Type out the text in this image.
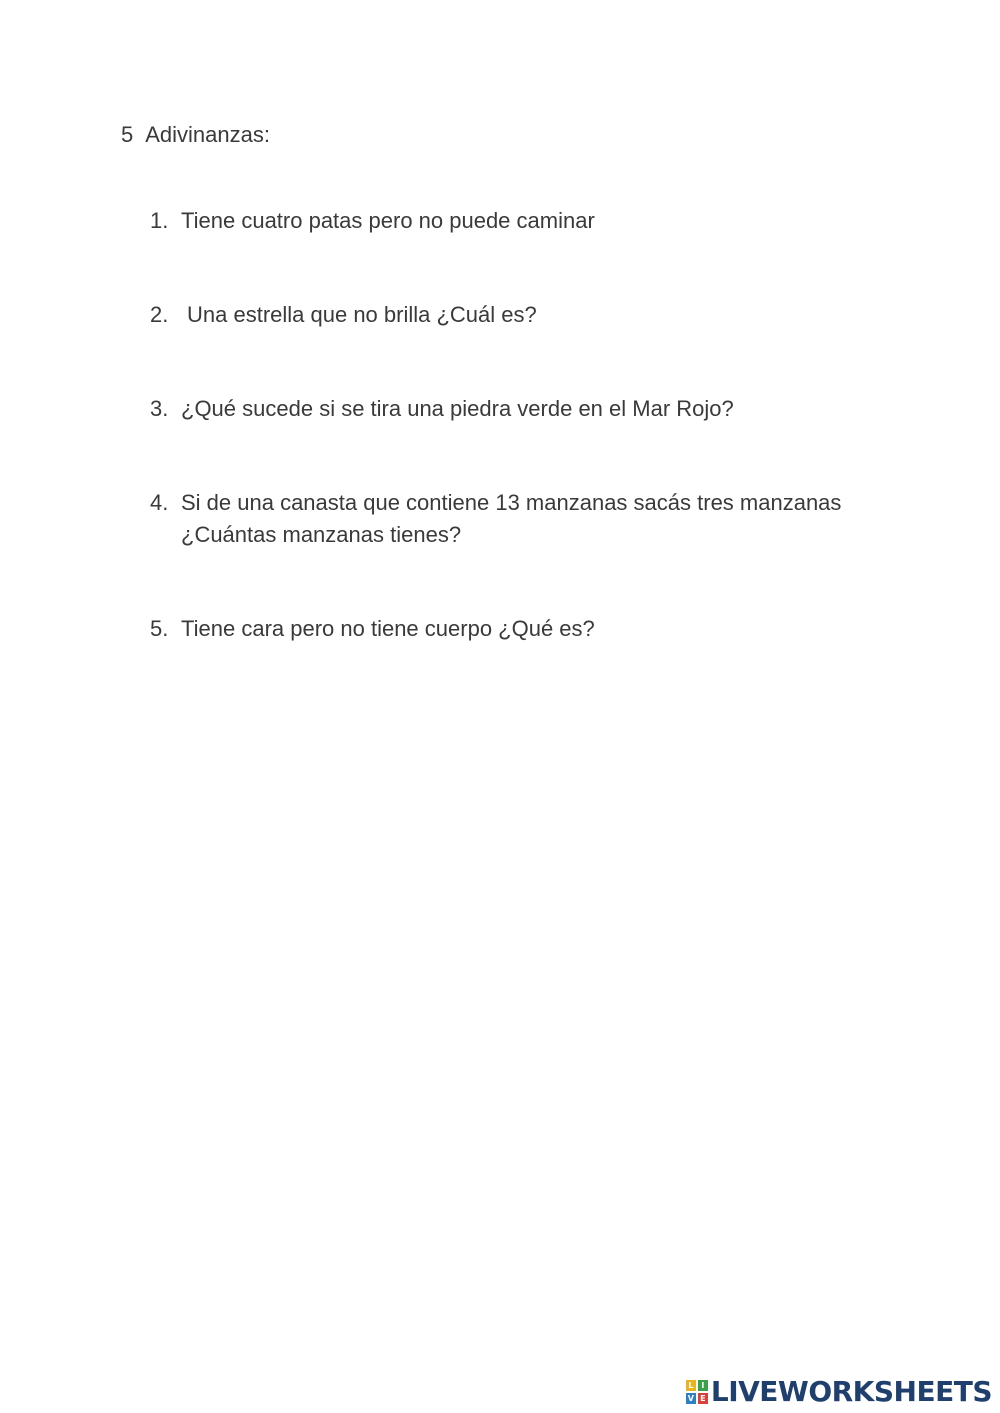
5 Adivinanzas:
1. Tiene cuatro patas pero no puede caminar
2. Una estrella que no brilla ¿Cuál es?
3. ¿Qué sucede si se tira una piedra verde en el Mar Rojo?
4. Si de una canasta que contiene 13 manzanas sacás tres manzanas ¿Cuántas manzanas tienes?
5. Tiene cara pero no tiene cuerpo ¿Qué es?
L I
V E LIVEWORKSHEETS
